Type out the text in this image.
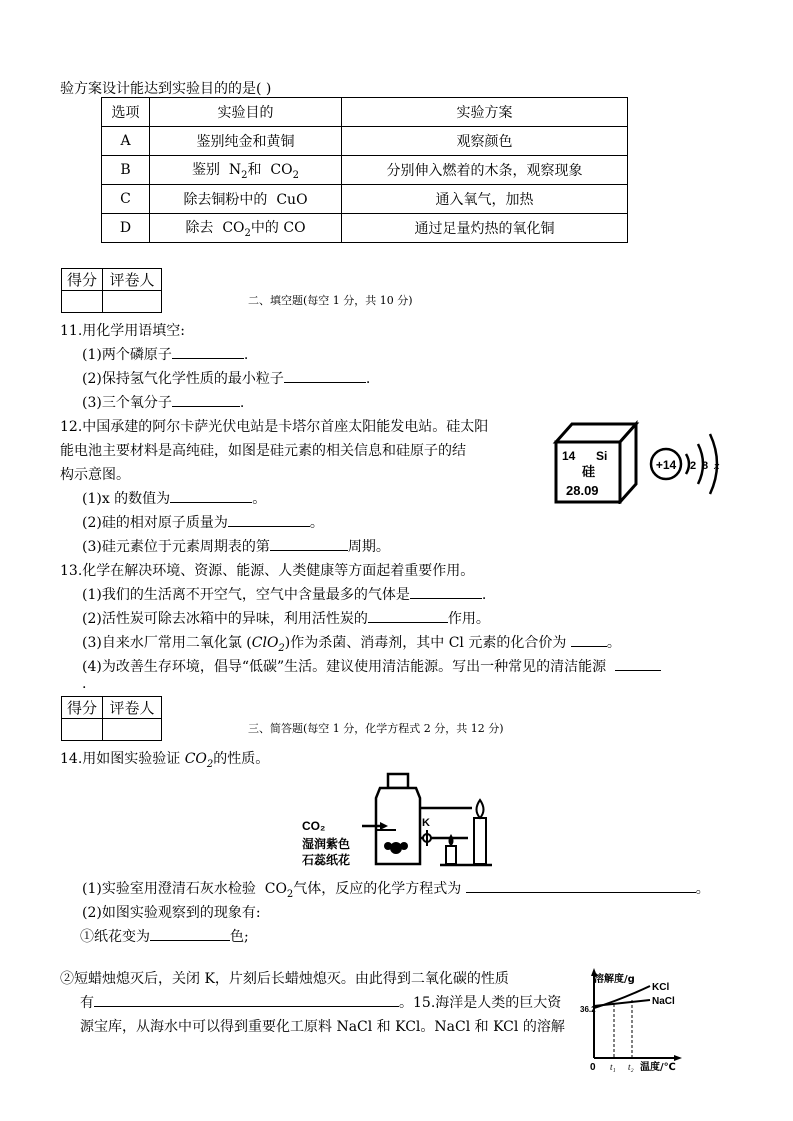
验方案设计能达到实验目的的是( )
选项	实验目的	实验方案
A	鉴别纯金和黄铜	观察颜色
B	鉴别  $N_2$和  $CO_2$	分别伸入燃着的木条，观察现象
C	除去铜粉中的  CuO	通入氧气，加热
D	除去  $CO_2$中的 CO	通过足量灼热的氧化铜
得分	评卷人

二、填空题(每空 1 分，共 10 分)
11.用化学用语填空:
(1)两个磷原子	.
(2)保持氢气化学性质的最小粒子	.
(3)三个氧分子	.
12.中国承建的阿尔卡萨光伏电站是卡塔尔首座太阳能发电站。硅太阳
能电池主要材料是高纯硅，如图是硅元素的相关信息和硅原子的结
构示意图。
(1)x 的数值为	。
(2)硅的相对原子质量为	。
(3)硅元素位于元素周期表的第	周期。
14 Si
硅
28.09
+14 2 8 x
13.化学在解决环境、资源、能源、人类健康等方面起着重要作用。
(1)我们的生活离不开空气，空气中含量最多的气体是	.
(2)活性炭可除去冰箱中的异味，利用活性炭的	作用。
(3)自来水厂常用二氧化氯 (ClO$_2$)作为杀菌、消毒剂，其中 Cl 元素的化合价为	。
(4)为改善生存环境，倡导“低碳”生活。建议使用清洁能源。写出一种常见的清洁能源
.
得分	评卷人

三、简答题(每空 1 分，化学方程式 2 分，共 12 分)
14.用如图实验验证 $CO_2$的性质。
K
CO₂
湿润紫色
石蕊纸花
(1)实验室用澄清石灰水检验  $CO_2$气体，反应的化学方程式为	。
(2)如图实验观察到的现象有:
①纸花变为	色;
②短蜡烛熄灭后，关闭 K，片刻后长蜡烛熄灭。由此得到二氧化碳的性质
有	。15.海洋是人类的巨大资
源宝库，从海水中可以得到重要化工原料 NaCl 和 KCl。NaCl 和 KCl 的溶解
溶解度/g
36.2
KCl
NaCl
0 t₁ t₂ 温度/℃
